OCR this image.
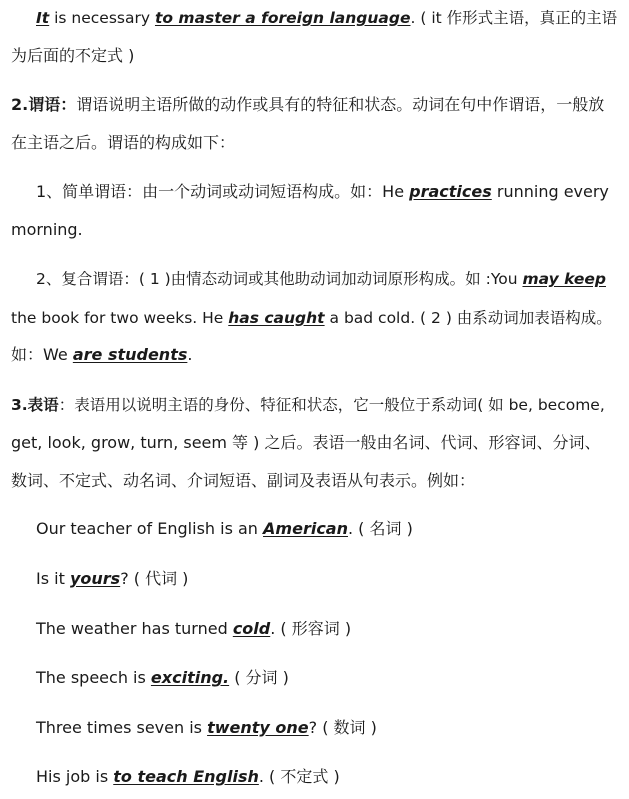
It is necessary to master a foreign language. ( it 作形式主语，真正的主语
为后面的不定式 )
2.谓语：谓语说明主语所做的动作或具有的特征和状态。动词在句中作谓语，一般放
在主语之后。谓语的构成如下：
1、简单谓语：由一个动词或动词短语构成。如：He practices running every
morning.
2、复合谓语：( 1 )由情态动词或其他助动词加动词原形构成。如 :You may keep
the book for two weeks. He has caught a bad cold. ( 2 ) 由系动词加表语构成。
如：We are students.
3.表语：表语用以说明主语的身份、特征和状态，它一般位于系动词( 如 be, become,
get, look, grow, turn, seem 等 ) 之后。表语一般由名词、代词、形容词、分词、
数词、不定式、动名词、介词短语、副词及表语从句表示。例如：
Our teacher of English is an American. ( 名词 )
Is it yours? ( 代词 )
The weather has turned cold. ( 形容词 )
The speech is exciting. ( 分词 )
Three times seven is twenty one? ( 数词 )
His job is to teach English. ( 不定式 )
